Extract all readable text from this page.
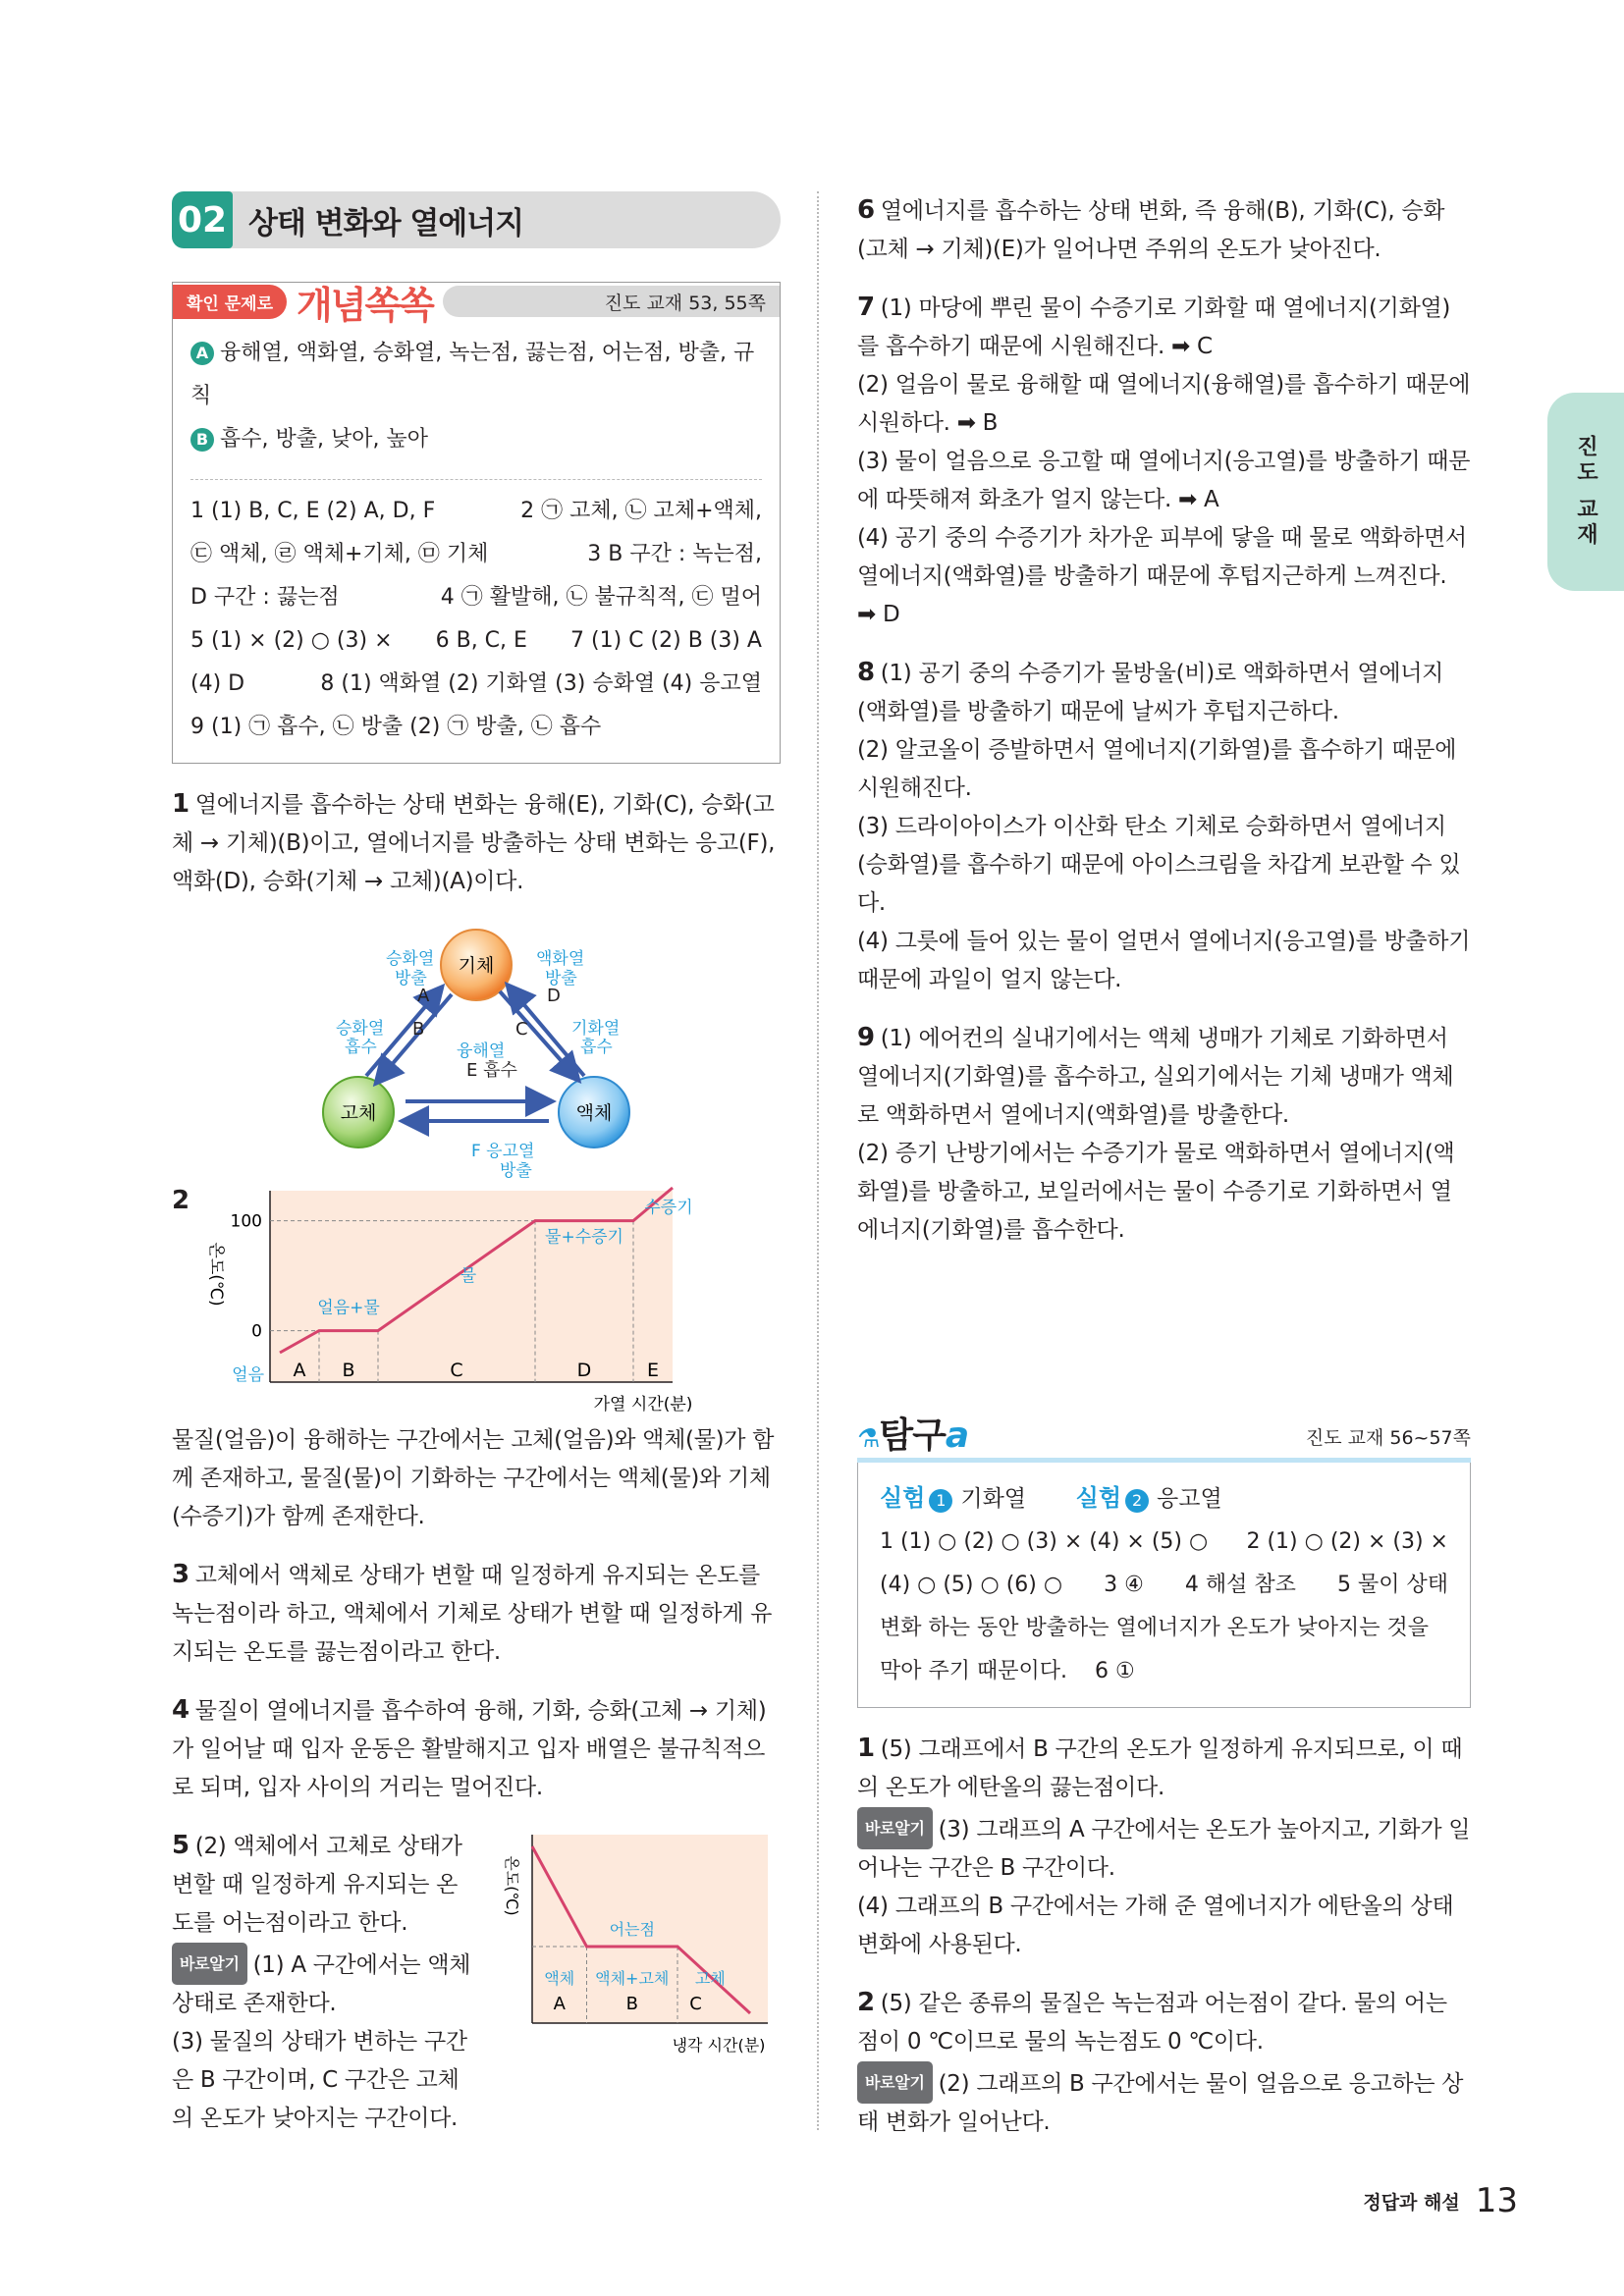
02 상태 변화와 열에너지
확인 문제로 개념쏙쏙	진도 교재 53, 55쪽
A 융해열, 액화열, 승화열, 녹는점, 끓는점, 어는점, 방출, 규칙
B 흡수, 방출, 낮아, 높아
1 (1) B, C, E (2) A, D, F	2 ㉠ 고체, ㉡ 고체+액체,
㉢ 액체, ㉣ 액체+기체, ㉤ 기체	3 B 구간 : 녹는점,
D 구간 : 끓는점	4 ㉠ 활발해, ㉡ 불규칙적, ㉢ 멀어
5 (1) × (2) ○ (3) × 6 B, C, E 7 (1) C (2) B (3) A
(4) D	8 (1) 액화열 (2) 기화열 (3) 승화열 (4) 응고열
9 (1) ㉠ 흡수, ㉡ 방출 (2) ㉠ 방출, ㉡ 흡수
1 열에너지를 흡수하는 상태 변화는 융해(E), 기화(C), 승화(고체 → 기체)(B)이고, 열에너지를 방출하는 상태 변화는 응고(F), 액화(D), 승화(기체 → 고체)(A)이다.
기체
고체	액체
승화열
방출
승화열
흡수
액화열
방출
기화열
흡수
융해열
F 응고열
방출
A
B
D
C
E 흡수
2
온도(℃)
100
0
A B	C	D	E
얼음
얼음+물
물
물+수증기
수증기
가열 시간(분)
물질(얼음)이 융해하는 구간에서는 고체(얼음)와 액체(물)가 함께 존재하고, 물질(물)이 기화하는 구간에서는 액체(물)와 기체(수증기)가 함께 존재한다.
3 고체에서 액체로 상태가 변할 때 일정하게 유지되는 온도를 녹는점이라 하고, 액체에서 기체로 상태가 변할 때 일정하게 유지되는 온도를 끓는점이라고 한다.
4 물질이 열에너지를 흡수하여 융해, 기화, 승화(고체 → 기체)가 일어날 때 입자 운동은 활발해지고 입자 배열은 불규칙적으로 되며, 입자 사이의 거리는 멀어진다.
5 (2) 액체에서 고체로 상태가 변할 때 일정하게 유지되는 온도를 어는점이라고 한다.
바로알기 (1) A 구간에서는 액체 상태로 존재한다.
(3) 물질의 상태가 변하는 구간은 B 구간이며, C 구간은 고체의 온도가 낮아지는 구간이다.
온도(℃)
어는점
액체 액체+고체 고체
A	B	C
냉각 시간(분)
6 열에너지를 흡수하는 상태 변화, 즉 융해(B), 기화(C), 승화(고체 → 기체)(E)가 일어나면 주위의 온도가 낮아진다.
7 (1) 마당에 뿌린 물이 수증기로 기화할 때 열에너지(기화열)를 흡수하기 때문에 시원해진다. ➡ C
(2) 얼음이 물로 융해할 때 열에너지(융해열)를 흡수하기 때문에 시원하다. ➡ B
(3) 물이 얼음으로 응고할 때 열에너지(응고열)를 방출하기 때문에 따뜻해져 화초가 얼지 않는다. ➡ A
(4) 공기 중의 수증기가 차가운 피부에 닿을 때 물로 액화하면서 열에너지(액화열)를 방출하기 때문에 후텁지근하게 느껴진다. ➡ D
8 (1) 공기 중의 수증기가 물방울(비)로 액화하면서 열에너지(액화열)를 방출하기 때문에 날씨가 후텁지근하다.
(2) 알코올이 증발하면서 열에너지(기화열)를 흡수하기 때문에 시원해진다.
(3) 드라이아이스가 이산화 탄소 기체로 승화하면서 열에너지(승화열)를 흡수하기 때문에 아이스크림을 차갑게 보관할 수 있다.
(4) 그릇에 들어 있는 물이 얼면서 열에너지(응고열)를 방출하기 때문에 과일이 얼지 않는다.
9 (1) 에어컨의 실내기에서는 액체 냉매가 기체로 기화하면서 열에너지(기화열)를 흡수하고, 실외기에서는 기체 냉매가 액체로 액화하면서 열에너지(액화열)를 방출한다.
(2) 증기 난방기에서는 수증기가 물로 액화하면서 열에너지(액화열)를 방출하고, 보일러에서는 물이 수증기로 기화하면서 열에너지(기화열)를 흡수한다.
⚗탐구a	진도 교재 56~57쪽
실험 1 기화열 실험 2 응고열
1 (1) ○ (2) ○ (3) × (4) × (5) ○ 2 (1) ○ (2) × (3) ×
(4) ○ (5) ○ (6) ○ 3 ④ 4 해설 참조 5 물이 상태
변화 하는 동안 방출하는 열에너지가 온도가 낮아지는 것을
막아 주기 때문이다. 6 ①
1 (5) 그래프에서 B 구간의 온도가 일정하게 유지되므로, 이 때의 온도가 에탄올의 끓는점이다.
바로알기 (3) 그래프의 A 구간에서는 온도가 높아지고, 기화가 일어나는 구간은 B 구간이다.
(4) 그래프의 B 구간에서는 가해 준 열에너지가 에탄올의 상태 변화에 사용된다.
2 (5) 같은 종류의 물질은 녹는점과 어는점이 같다. 물의 어는 점이 0 ℃이므로 물의 녹는점도 0 ℃이다.
바로알기 (2) 그래프의 B 구간에서는 물이 얼음으로 응고하는 상태 변화가 일어난다.
진도 교재
정답과 해설 13
